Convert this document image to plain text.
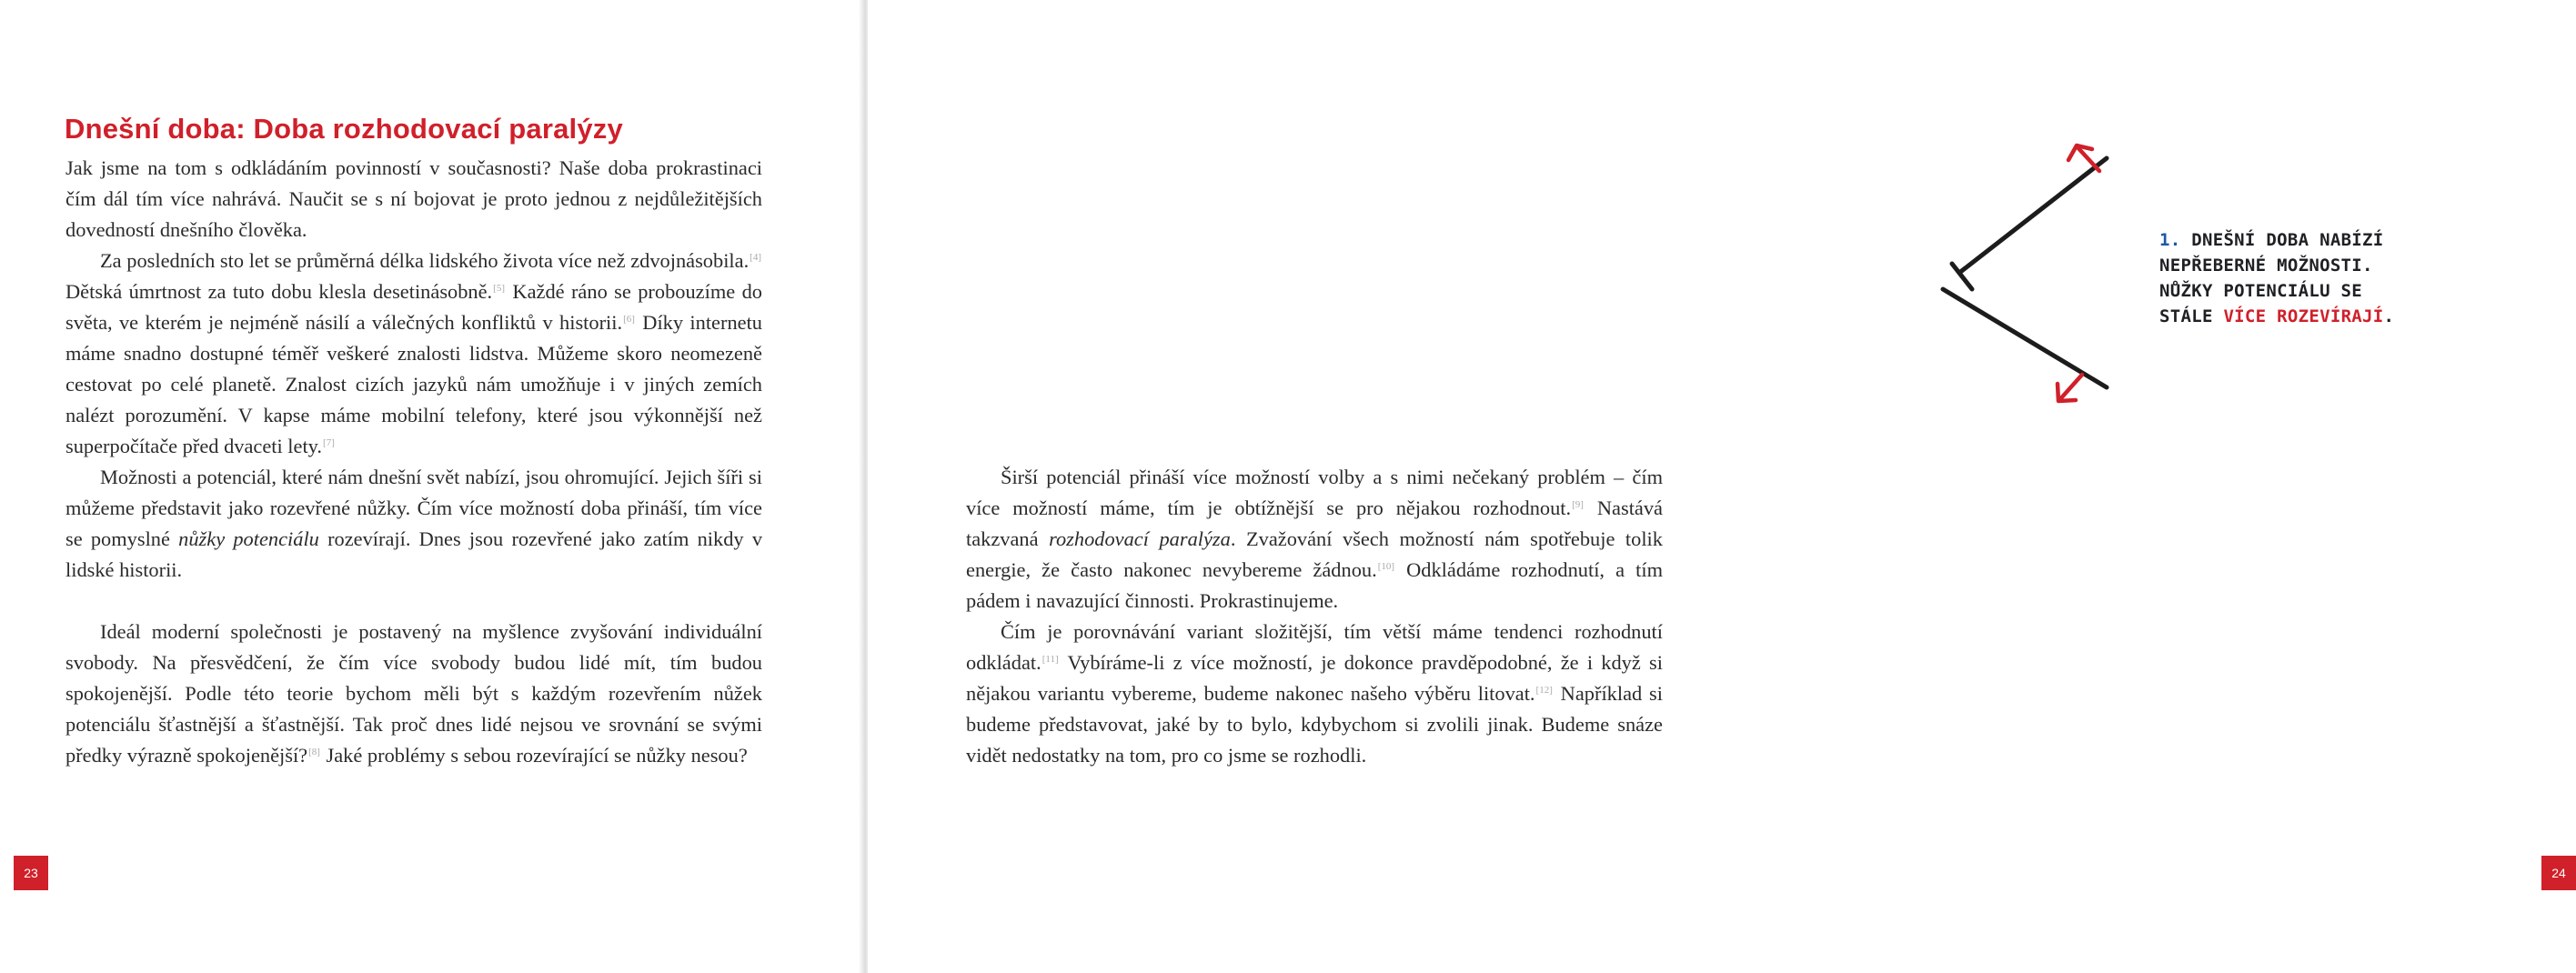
Dnešní doba: Doba rozhodovací paralýzy

Jak jsme na tom s odkládáním povinností v současnosti? Naše doba prokrastinaci čím dál tím více nahrává. Naučit se s ní bojovat je proto jednou z nejdůležitějších dovedností dnešního člověka.

Za posledních sto let se průměrná délka lidského života více než zdvojnásobila.[4] Dětská úmrtnost za tuto dobu klesla desetinásobně.[5] Každé ráno se probouzíme do světa, ve kterém je nejméně násilí a válečných konfliktů v historii.[6] Díky internetu máme snadno dostupné téměř veškeré znalosti lidstva. Můžeme skoro neomezeně cestovat po celé planetě. Znalost cizích jazyků nám umožňuje i v jiných zemích nalézt porozumění. V kapse máme mobilní telefony, které jsou výkonnější než superpočítače před dvaceti lety.[7]

Možnosti a potenciál, které nám dnešní svět nabízí, jsou ohromující. Jejich šíři si můžeme představit jako rozevřené nůžky. Čím více možností doba přináší, tím více se pomyslné nůžky potenciálu rozevírají. Dnes jsou rozevřené jako zatím nikdy v lidské historii.

Ideál moderní společnosti je postavený na myšlence zvyšování individuální svobody. Na přesvědčení, že čím více svobody budou lidé mít, tím budou spokojenější. Podle této teorie bychom měli být s každým rozevřením nůžek potenciálu šťastnější a šťastnější. Tak proč dnes lidé nejsou ve srovnání se svými předky výrazně spokojenější?[8] Jaké problémy s sebou rozevírající se nůžky nesou?

23
1. DNEŠNÍ DOBA NABÍZÍ
NEPŘEBERNÉ MOŽNOSTI.
NŮŽKY POTENCIÁLU SE
STÁLE VÍCE ROZEVÍRAJÍ.
24

Širší potenciál přináší více možností volby a s nimi nečekaný problém – čím více možností máme, tím je obtížnější se pro nějakou rozhodnout.[9] Nastává takzvaná rozhodovací paralýza. Zvažování všech možností nám spotřebuje tolik energie, že často nakonec nevybereme žádnou.[10] Odkládáme rozhodnutí, a tím pádem i navazující činnosti. Prokrastinujeme.

Čím je porovnávání variant složitější, tím větší máme tendenci rozhodnutí odkládat.[11] Vybíráme-li z více možností, je dokonce pravděpodobné, že i když si nějakou variantu vybereme, budeme nakonec našeho výběru litovat.[12] Například si budeme představovat, jaké by to bylo, kdybychom si zvolili jinak. Budeme snáze vidět nedostatky na tom, pro co jsme se rozhodli.
